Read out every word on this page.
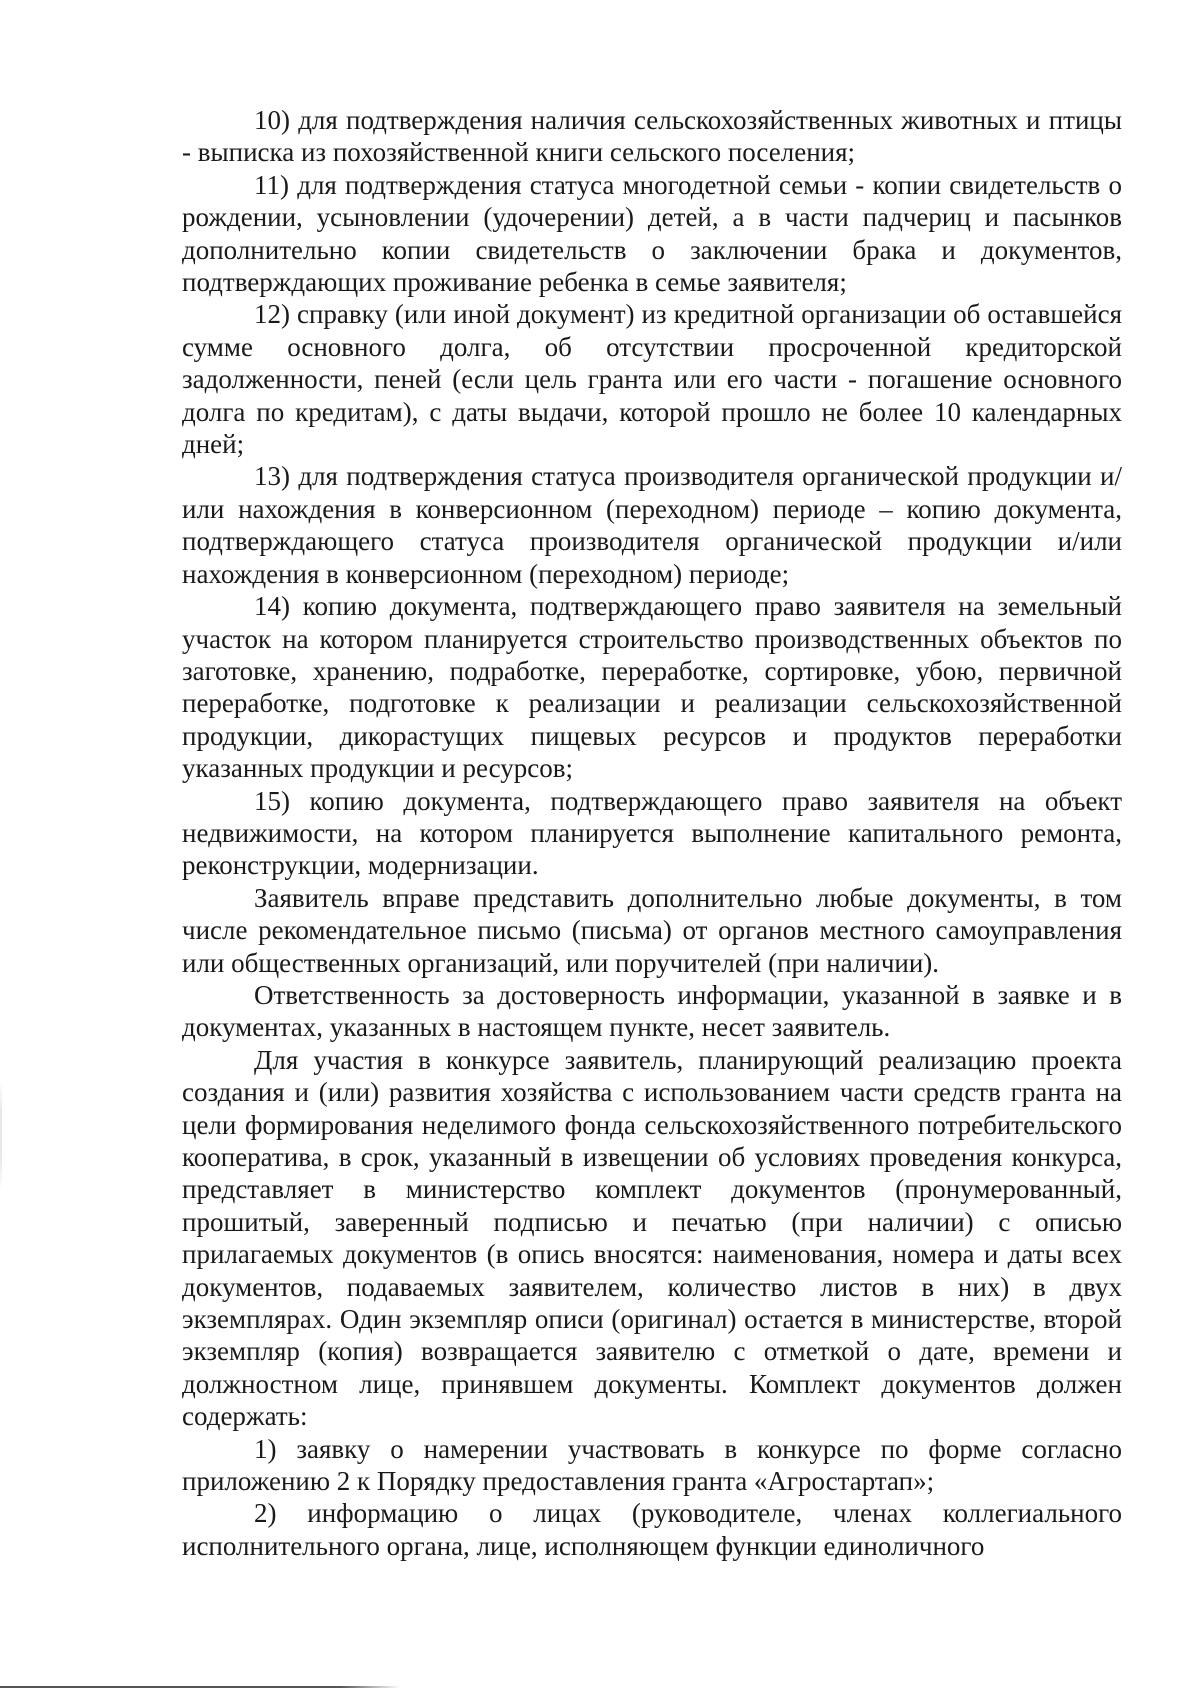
10) для подтверждения наличия сельскохозяйственных животных и птицы - выписка из похозяйственной книги сельского поселения;

11) для подтверждения статуса многодетной семьи - копии свидетельств о рождении, усыновлении (удочерении) детей, а в части падчериц и пасынков дополнительно копии свидетельств о заключении брака и документов, подтверждающих проживание ребенка в семье заявителя;

12) справку (или иной документ) из кредитной организации об оставшейся сумме основного долга, об отсутствии просроченной кредиторской задолженности, пеней (если цель гранта или его части - погашение основного долга по кредитам), с даты выдачи, которой прошло не более 10 календарных дней;

13) для подтверждения статуса производителя органической продукции и/или нахождения в конверсионном (переходном) периоде – копию документа, подтверждающего статуса производителя органической продукции и/или нахождения в конверсионном (переходном) периоде;

14) копию документа, подтверждающего право заявителя на земельный участок на котором планируется строительство производственных объектов по заготовке, хранению, подработке, переработке, сортировке, убою, первичной переработке, подготовке к реализации и реализации сельскохозяйственной продукции, дикорастущих пищевых ресурсов и продуктов переработки указанных продукции и ресурсов;

15) копию документа, подтверждающего право заявителя на объект недвижимости, на котором планируется выполнение капитального ремонта, реконструкции, модернизации.

Заявитель вправе представить дополнительно любые документы, в том числе рекомендательное письмо (письма) от органов местного самоуправления или общественных организаций, или поручителей (при наличии).

Ответственность за достоверность информации, указанной в заявке и в документах, указанных в настоящем пункте, несет заявитель.

Для участия в конкурсе заявитель, планирующий реализацию проекта создания и (или) развития хозяйства с использованием части средств гранта на цели формирования неделимого фонда сельскохозяйственного потребительского кооператива, в срок, указанный в извещении об условиях проведения конкурса, представляет в министерство комплект документов (пронумерованный, прошитый, заверенный подписью и печатью (при наличии) с описью прилагаемых документов (в опись вносятся: наименования, номера и даты всех документов, подаваемых заявителем, количество листов в них) в двух экземплярах. Один экземпляр описи (оригинал) остается в министерстве, второй экземпляр (копия) возвращается заявителю с отметкой о дате, времени и должностном лице, принявшем документы. Комплект документов должен содержать:

1) заявку о намерении участвовать в конкурсе по форме согласно приложению 2 к Порядку предоставления гранта «Агростартап»;

2) информацию о лицах (руководителе, членах коллегиального исполнительного органа, лице, исполняющем функции единоличного
